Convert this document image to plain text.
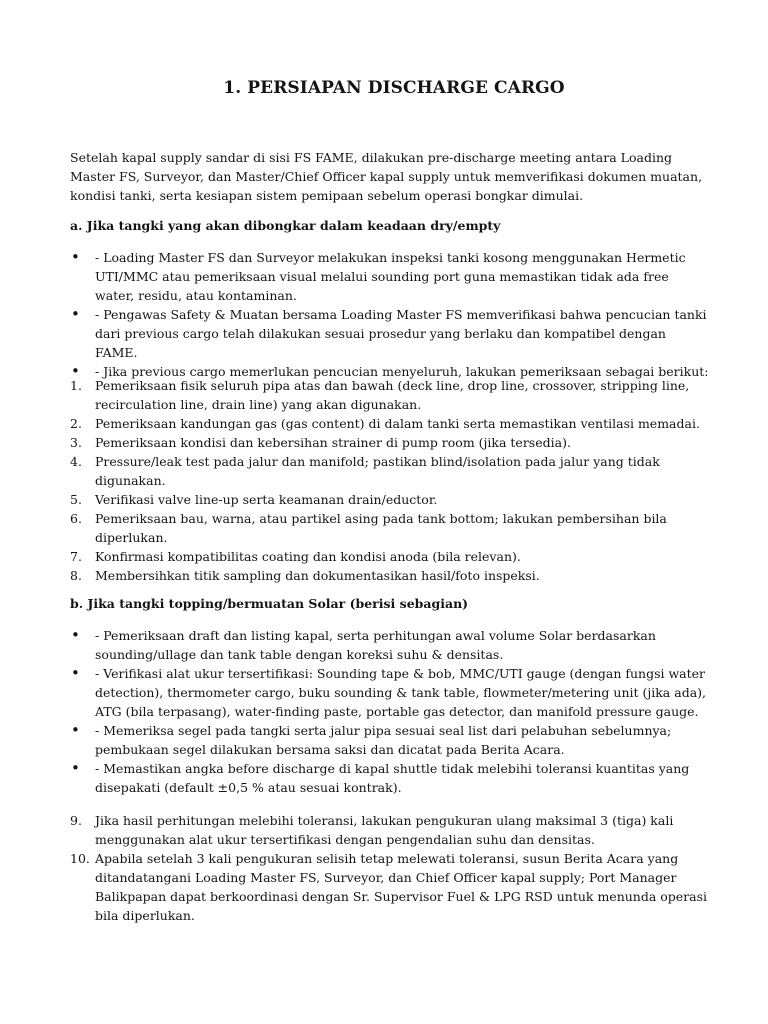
1. PERSIAPAN DISCHARGE CARGO

Setelah kapal supply sandar di sisi FS FAME, dilakukan pre-discharge meeting antara Loading Master FS, Surveyor, dan Master/Chief Officer kapal supply untuk memverifikasi dokumen muatan, kondisi tanki, serta kesiapan sistem pemipaan sebelum operasi bongkar dimulai.

a. Jika tangki yang akan dibongkar dalam keadaan dry/empty

• - Loading Master FS dan Surveyor melakukan inspeksi tanki kosong menggunakan Hermetic UTI/MMC atau pemeriksaan visual melalui sounding port guna memastikan tidak ada free water, residu, atau kontaminan.
• - Pengawas Safety & Muatan bersama Loading Master FS memverifikasi bahwa pencucian tanki dari previous cargo telah dilakukan sesuai prosedur yang berlaku dan kompatibel dengan FAME.
• - Jika previous cargo memerlukan pencucian menyeluruh, lakukan pemeriksaan sebagai berikut:
1. Pemeriksaan fisik seluruh pipa atas dan bawah (deck line, drop line, crossover, stripping line, recirculation line, drain line) yang akan digunakan.
2. Pemeriksaan kandungan gas (gas content) di dalam tanki serta memastikan ventilasi memadai.
3. Pemeriksaan kondisi dan kebersihan strainer di pump room (jika tersedia).
4. Pressure/leak test pada jalur dan manifold; pastikan blind/isolation pada jalur yang tidak digunakan.
5. Verifikasi valve line-up serta keamanan drain/eductor.
6. Pemeriksaan bau, warna, atau partikel asing pada tank bottom; lakukan pembersihan bila diperlukan.
7. Konfirmasi kompatibilitas coating dan kondisi anoda (bila relevan).
8. Membersihkan titik sampling dan dokumentasikan hasil/foto inspeksi.

b. Jika tangki topping/bermuatan Solar (berisi sebagian)

• - Pemeriksaan draft dan listing kapal, serta perhitungan awal volume Solar berdasarkan sounding/ullage dan tank table dengan koreksi suhu & densitas.
• - Verifikasi alat ukur tersertifikasi: Sounding tape & bob, MMC/UTI gauge (dengan fungsi water detection), thermometer cargo, buku sounding & tank table, flowmeter/metering unit (jika ada), ATG (bila terpasang), water-finding paste, portable gas detector, dan manifold pressure gauge.
• - Memeriksa segel pada tangki serta jalur pipa sesuai seal list dari pelabuhan sebelumnya; pembukaan segel dilakukan bersama saksi dan dicatat pada Berita Acara.
• - Memastikan angka before discharge di kapal shuttle tidak melebihi toleransi kuantitas yang disepakati (default ±0,5 % atau sesuai kontrak).
9. Jika hasil perhitungan melebihi toleransi, lakukan pengukuran ulang maksimal 3 (tiga) kali menggunakan alat ukur tersertifikasi dengan pengendalian suhu dan densitas.
10. Apabila setelah 3 kali pengukuran selisih tetap melewati toleransi, susun Berita Acara yang ditandatangani Loading Master FS, Surveyor, dan Chief Officer kapal supply; Port Manager Balikpapan dapat berkoordinasi dengan Sr. Supervisor Fuel & LPG RSD untuk menunda operasi bila diperlukan.
